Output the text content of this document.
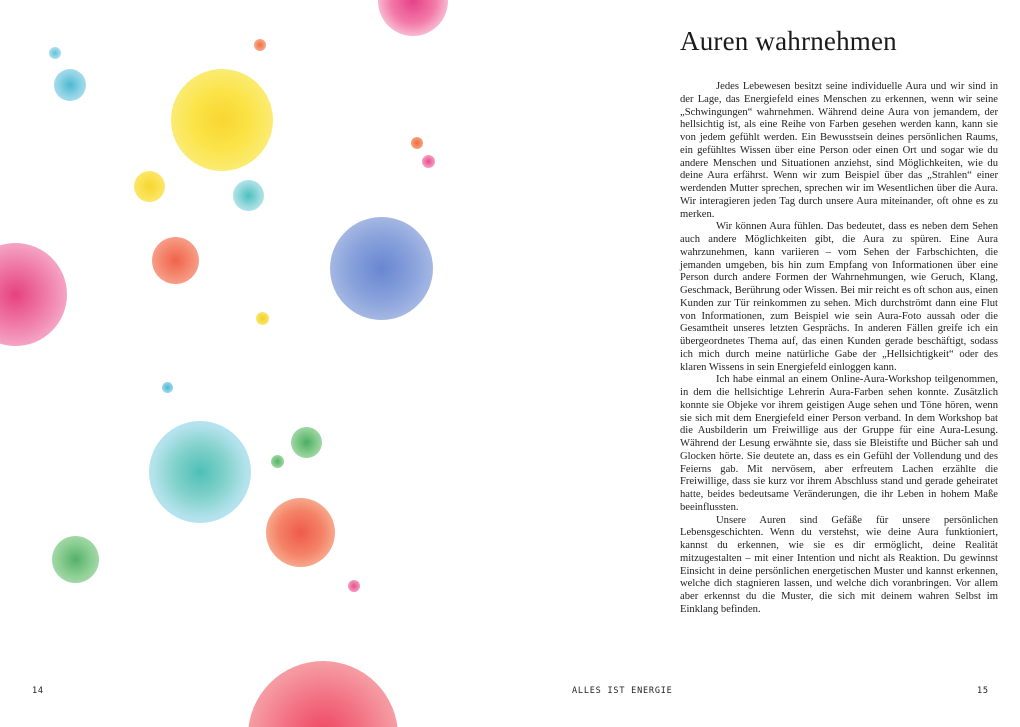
Auren wahrnehmen

Jedes Lebewesen besitzt seine individuelle Aura und wir sind in der Lage, das Energiefeld eines Menschen zu erkennen, wenn wir seine „Schwingungen“ wahrnehmen. Während deine Aura von jemandem, der hellsichtig ist, als eine Reihe von Farben gesehen werden kann, kann sie von jedem gefühlt werden. Ein Bewusstsein deines persönlichen Raums, ein gefühltes Wissen über eine Person oder einen Ort und sogar wie du andere Menschen und Situationen anziehst, sind Möglichkeiten, wie du deine Aura erfährst. Wenn wir zum Beispiel über das „Strahlen“ einer werdenden Mutter sprechen, sprechen wir im Wesentlichen über die Aura. Wir interagieren jeden Tag durch unsere Aura miteinander, oft ohne es zu merken.

Wir können Aura fühlen. Das bedeutet, dass es neben dem Sehen auch andere Möglichkeiten gibt, die Aura zu spüren. Eine Aura wahrzunehmen, kann variieren – vom Sehen der Farbschichten, die jemanden umgeben, bis hin zum Empfang von Informationen über eine Person durch andere Formen der Wahrnehmungen, wie Geruch, Klang, Geschmack, Berührung oder Wissen. Bei mir reicht es oft schon aus, einen Kunden zur Tür reinkommen zu sehen. Mich durchströmt dann eine Flut von Informationen, zum Beispiel wie sein Aura-Foto aussah oder die Gesamtheit unseres letzten Gesprächs. In anderen Fällen greife ich ein übergeordnetes Thema auf, das einen Kunden gerade beschäftigt, sodass ich mich durch meine natürliche Gabe der „Hellsichtigkeit“ oder des klaren Wissens in sein Energiefeld einloggen kann.

Ich habe einmal an einem Online-Aura-Workshop teilgenommen, in dem die hellsichtige Lehrerin Aura-Farben sehen konnte. Zusätzlich konnte sie Objeke vor ihrem geistigen Auge sehen und Töne hören, wenn sie sich mit dem Energiefeld einer Person verband. In dem Workshop bat die Ausbilderin um Freiwillige aus der Gruppe für eine Aura-Lesung. Während der Lesung erwähnte sie, dass sie Bleistifte und Bücher sah und Glocken hörte. Sie deutete an, dass es ein Gefühl der Vollendung und des Feierns gab. Mit nervösem, aber erfreutem Lachen erzählte die Freiwillige, dass sie kurz vor ihrem Abschluss stand und gerade geheiratet hatte, beides bedeutsame Veränderungen, die ihr Leben in hohem Maße beeinflussten.

Unsere Auren sind Gefäße für unsere persönlichen Lebensgeschichten. Wenn du verstehst, wie deine Aura funktioniert, kannst du erkennen, wie sie es dir ermöglicht, deine Realität mitzugestalten – mit einer Intention und nicht als Reaktion. Du gewinnst Einsicht in deine persönlichen energetischen Muster und kannst erkennen, welche dich stagnieren lassen, und welche dich voranbringen. Vor allem aber erkennst du die Muster, die sich mit deinem wahren Selbst im Einklang befinden.

14	ALLES IST ENERGIE	15
